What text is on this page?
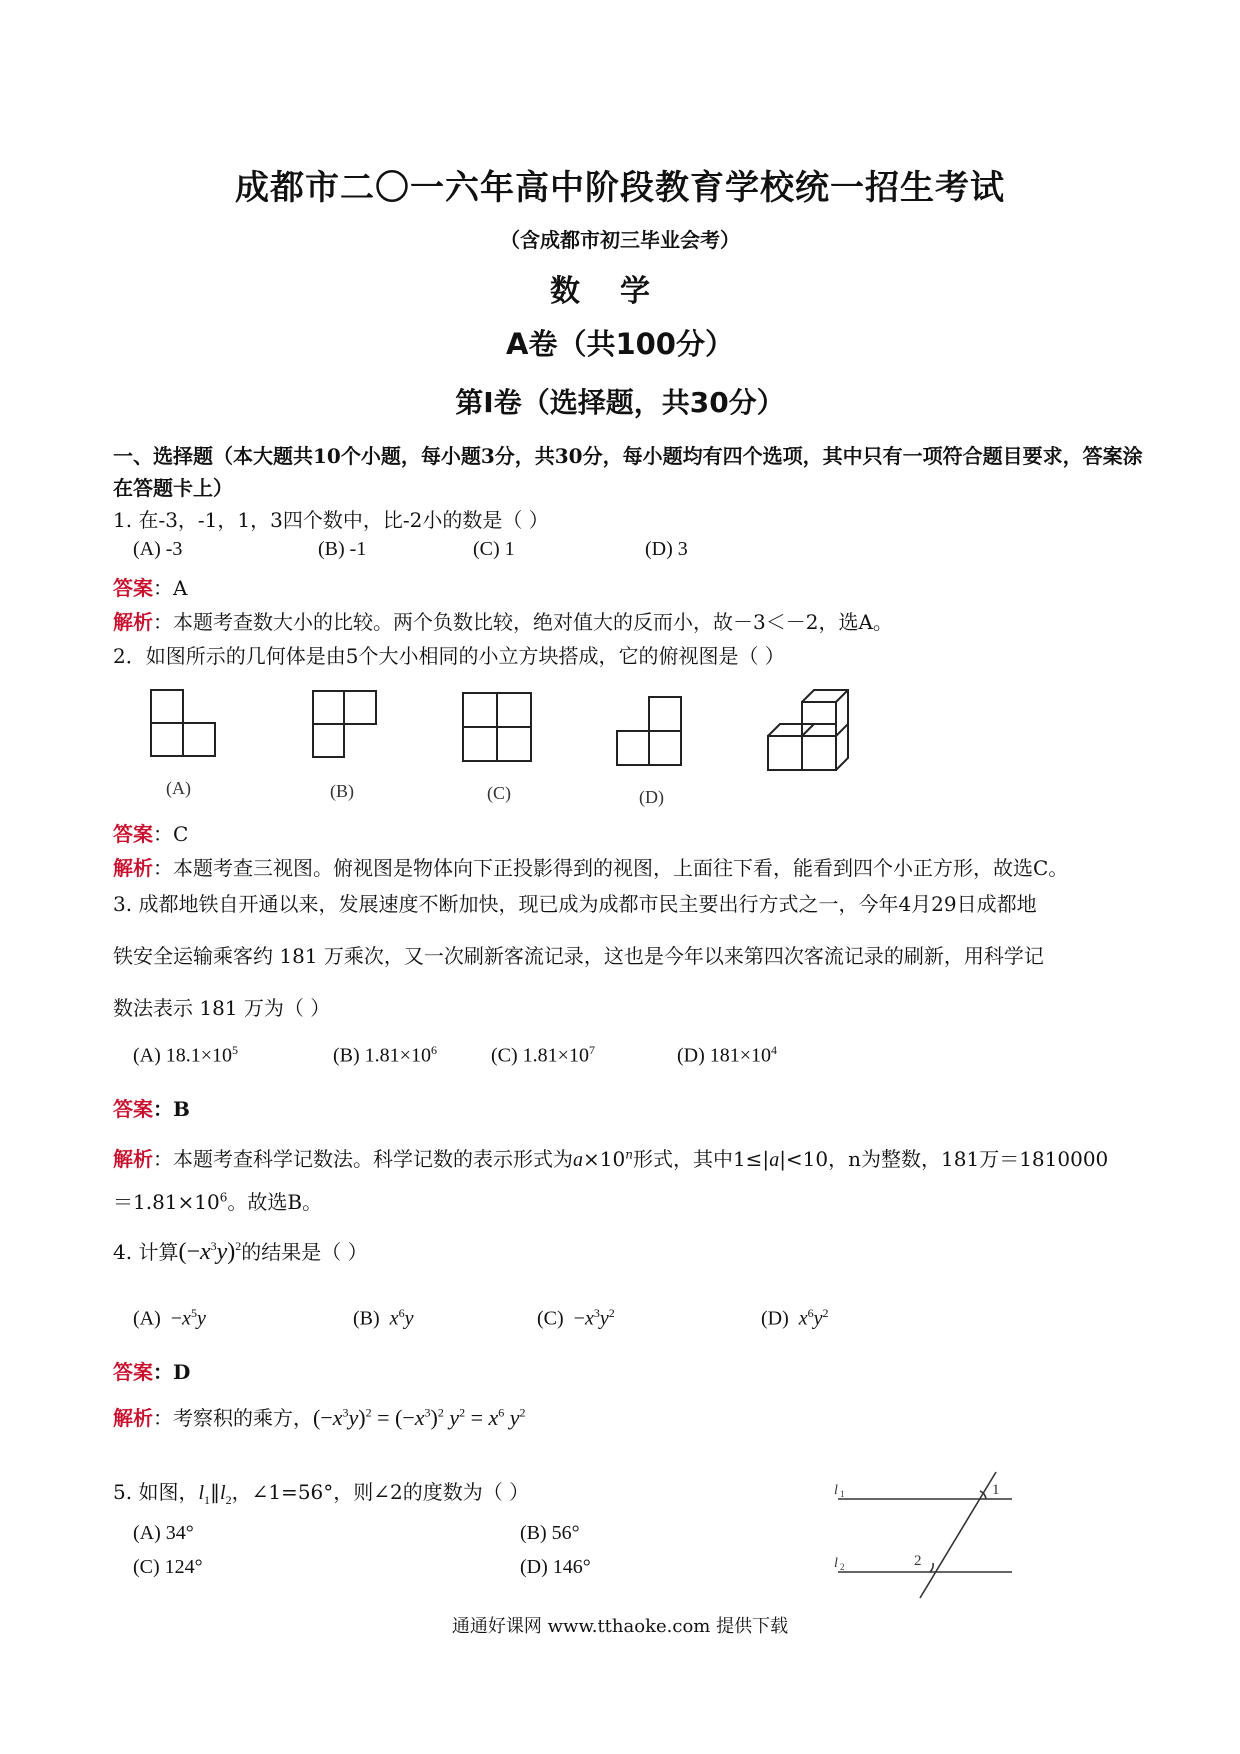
成都市二〇一六年高中阶段教育学校统一招生考试
（含成都市初三毕业会考）
数学
A卷（共100分）
第Ⅰ卷（选择题，共30分）
一、选择题（本大题共10个小题，每小题3分，共30分，每小题均有四个选项，其中只有一项符合题目要求，答案涂在答题卡上）
1. 在-3，-1，1，3四个数中，比-2小的数是（ ）
(A) -3	(B) -1	(C) 1	(D) 3
答案：A
解析：本题考查数大小的比较。两个负数比较，绝对值大的反而小，故－3＜－2，选A。
2．如图所示的几何体是由5个大小相同的小立方块搭成，它的俯视图是（ ）
(A)	(B)	(C)	(D)
答案：C
解析：本题考查三视图。俯视图是物体向下正投影得到的视图，上面往下看，能看到四个小正方形，故选C。
3. 成都地铁自开通以来，发展速度不断加快，现已成为成都市民主要出行方式之一，今年4月29日成都地
铁安全运输乘客约 181 万乘次，又一次刷新客流记录，这也是今年以来第四次客流记录的刷新，用科学记
数法表示 181 万为（ ）
(A) $18.1\times 10^5$	(B) $1.81\times 10^6$	(C) $1.81\times 10^7$	(D) $181\times 10^4$
答案：B
解析：本题考查科学记数法。科学记数的表示形式为$a\times 10^n$形式，其中1≤|a|<10，n为整数，181万＝1810000
$=1.81\times 10^6$。故选B。
4. 计算$(-x^3y)^2$的结果是（ ）
$(A) -x^5y$	(B) $x^6y$	$(C) -x^3y^2$	(D) $x^6y^2$
答案：D
解析：考察积的乘方，$(-x^3y)^2 = (-x^3)^2$ $y^2 = x^6$ $y^2$
5. 如图，$l_1\parallel l_2$，∠1=56°，则∠2的度数为（ ）
(A) 34°	(B) 56°
(C) 124°	(D) 146°
l 1
l 2
1
2
通通好课网 www.tthaoke.com 提供下载
